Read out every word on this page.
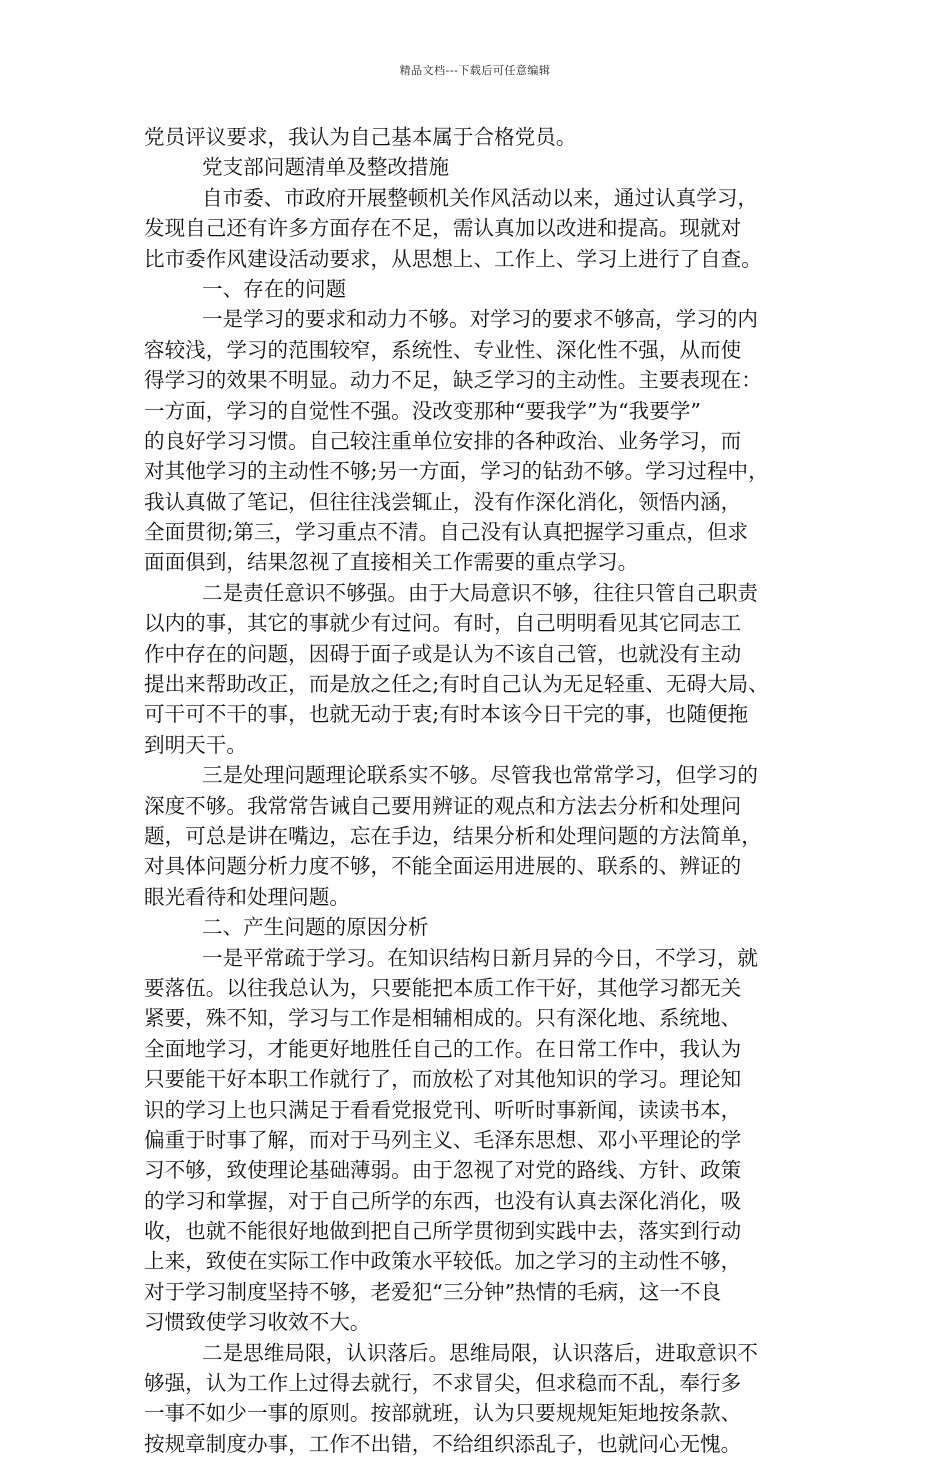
精品文档---下载后可任意编辑
党员评议要求，我认为自己基本属于合格党员。
党支部问题清单及整改措施
自市委、市政府开展整顿机关作风活动以来，通过认真学习，
发现自己还有许多方面存在不足，需认真加以改进和提高。现就对
比市委作风建设活动要求，从思想上、工作上、学习上进行了自查。
一、存在的问题
一是学习的要求和动力不够。对学习的要求不够高，学习的内
容较浅，学习的范围较窄，系统性、专业性、深化性不强，从而使
得学习的效果不明显。动力不足，缺乏学习的主动性。主要表现在：
一方面，学习的自觉性不强。没改变那种“要我学”为“我要学”
的良好学习习惯。自己较注重单位安排的各种政治、业务学习，而
对其他学习的主动性不够;另一方面，学习的钻劲不够。学习过程中，
我认真做了笔记，但往往浅尝辄止，没有作深化消化，领悟内涵，
全面贯彻;第三，学习重点不清。自己没有认真把握学习重点，但求
面面俱到，结果忽视了直接相关工作需要的重点学习。
二是责任意识不够强。由于大局意识不够，往往只管自己职责
以内的事，其它的事就少有过问。有时，自己明明看见其它同志工
作中存在的问题，因碍于面子或是认为不该自己管，也就没有主动
提出来帮助改正，而是放之任之;有时自己认为无足轻重、无碍大局、
可干可不干的事，也就无动于衷;有时本该今日干完的事，也随便拖
到明天干。
三是处理问题理论联系实不够。尽管我也常常学习，但学习的
深度不够。我常常告诫自己要用辨证的观点和方法去分析和处理问
题，可总是讲在嘴边，忘在手边，结果分析和处理问题的方法简单，
对具体问题分析力度不够，不能全面运用进展的、联系的、辨证的
眼光看待和处理问题。
二、产生问题的原因分析
一是平常疏于学习。在知识结构日新月异的今日，不学习，就
要落伍。以往我总认为，只要能把本质工作干好，其他学习都无关
紧要，殊不知，学习与工作是相辅相成的。只有深化地、系统地、
全面地学习，才能更好地胜任自己的工作。在日常工作中，我认为
只要能干好本职工作就行了，而放松了对其他知识的学习。理论知
识的学习上也只满足于看看党报党刊、听听时事新闻，读读书本，
偏重于时事了解，而对于马列主义、毛泽东思想、邓小平理论的学
习不够，致使理论基础薄弱。由于忽视了对党的路线、方针、政策
的学习和掌握，对于自己所学的东西，也没有认真去深化消化，吸
收，也就不能很好地做到把自己所学贯彻到实践中去，落实到行动
上来，致使在实际工作中政策水平较低。加之学习的主动性不够，
对于学习制度坚持不够，老爱犯“三分钟”热情的毛病，这一不良
习惯致使学习收效不大。
二是思维局限，认识落后。思维局限，认识落后，进取意识不
够强，认为工作上过得去就行，不求冒尖，但求稳而不乱，奉行多
一事不如少一事的原则。按部就班，认为只要规规矩矩地按条款、
按规章制度办事，工作不出错，不给组织添乱子，也就问心无愧。
